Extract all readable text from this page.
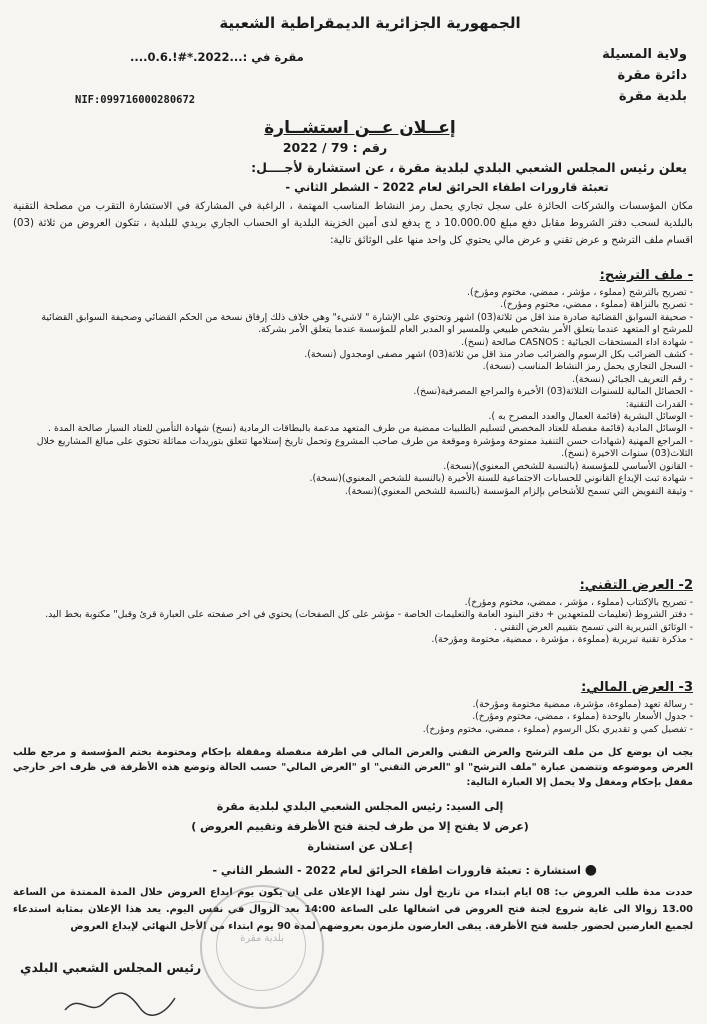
الجمهورية الجزائرية الديمقراطية الشعبية
ولاية المسيلة
دائرة مقرة
بلدية مقرة
مقرة في :...2022.*#!.0.6....
NIF:099716000280672
إعــلان عــن استشــارة
رقم : 79 / 2022
يعلن رئيس المجلس الشعبي البلدي لبلدية مقرة ، عن استشارة لأجــــل:
تعبئة قارورات اطفاء الحرائق لعام 2022 - الشطر الثاني -
مكان المؤسسات والشركات الحائزة على سجل تجاري يحمل رمز النشاط المناسب المهتمة ، الراغبة في المشاركة في الاستشارة التقرب من مصلحة التقنية بالبلدية لسحب دفتر الشروط مقابل دفع مبلغ 10.000.00 د ج يدفع لدى أمين الخزينة البلدية او الحساب الجاري بريدي للبلدية ، تتكون العروض من ثلاثة (03) اقسام ملف الترشح و عرض تقني و عرض مالي يحتوي كل واحد منها على الوثائق تالية:
- ملف الترشح:
- تصريح بالترشح (مملوء ، مؤشر ، ممضي، مختوم ومؤرخ).
- تصريح بالنزاهة (مملوء ، ممضي، مختوم ومؤرخ).
- صحيفة السوابق القضائية صادرة منذ اقل من ثلاثة(03) اشهر وتحتوي على الإشارة " لاشيء" وهي خلاف ذلك إرفاق نسخة من الحكم القضائي وصحيفة السوابق القضائية للمرشح او المتعهد عندما يتعلق الأمر بشخص طبيعي وللمسير او المدير العام للمؤسسة عندما يتعلق الأمر بشركة.
- شهادة اداء المستحقات الجبائية : CASNOS صالحة (نسخ).
- كشف الضرائب بكل الرسوم والضرائب صادر منذ اقل من ثلاثة(03) اشهر مصفى اومجدول (نسخة).
- السجل التجاري يحمل رمز النشاط المناسب (نسخة).
- رقم التعريف الجبائي (نسخة).
- الحصائل المالية للسنوات الثلاثة(03) الأخيرة والمراجع المصرفية(نسخ).
- القدرات التقنية:
- الوسائل البشرية (قائمة العمال والعدد المصرح به ).
- الوسائل المادية (قائمة مفصلة للعتاد المخصص لتسليم الطلبيات ممضية من طرف المتعهد مدعمة بالبطاقات الرمادية (نسخ) شهادة التأمين للعتاد السيار صالحة المدة .
- المراجع المهنية (شهادات حسن التنفيذ ممنوحة ومؤشرة وموقعة من طرف صاحب المشروع وتحمل تاريخ إستلامها تتعلق بتوريدات مماثلة تحتوي على مبالغ المشاريع خلال الثلاث(03) سنوات الاخيرة (نسخ).
- القانون الأساسي للمؤسسة (بالنسبة للشخص المعنوي)(نسخة).
- شهادة ثبت الإيداع القانوني للحسابات الاجتماعية للسنة الأخيرة (بالنسبة للشخص المعنوي)(نسخة).
- وثيقة التفويض التي تسمح للأشخاص بإلزام المؤسسة (بالنسبة للشخص المعنوي)(نسخة).
2- العرض التقني:
- تصريح بالإكتتاب (مملوء ، مؤشر ، ممضي، مختوم ومؤرخ).
- دفتر الشروط (تعليمات للمتعهدين + دفتر البنود العامة والتعليمات الخاصة - مؤشر على كل الصفحات) يحتوي في اخر صفحته على العبارة قرئ وقبل" مكتوبة بخط اليد.
- الوثائق التبريرية التي تسمح بتقييم العرض التقني .
- مذكرة تقنية تبريرية (مملوءة ، مؤشرة ، ممضية، مختومة ومؤرخة).
3- العرض المالي:
- رسالة تعهد (مملوءة، مؤشرة، ممضية مختومة ومؤرخة).
- جدول الأسعار بالوحدة (مملوء ، ممضي، مختوم ومؤرخ).
- تفصيل كمي و تقديري بكل الرسوم (مملوء ، ممضي، مختوم ومؤرخ).
يجب ان يوضع كل من ملف الترشح والعرض التقني والعرض المالي في اظرفة منفصلة ومقفلة بإحكام ومختومة بختم المؤسسة و مرجع طلب العرض وموضوعه وتتضمن عبارة "ملف الترشح" او "العرض التقني" او "العرض المالي" حسب الحالة وتوضع هذه الأظرفة في ظرف اخر خارجي مقفل بإحكام ومغفل ولا يحمل إلا العبارة التالية:
إلى السيد: رئيس المجلس الشعبي البلدي لبلدية مقرة
(عرض لا يفتح إلا من طرف لجنة فتح الأظرفة وتقييم العروض )
إعـلان عن استشارة
● استشارة : تعبئة قارورات اطفاء الحرائق لعام 2022 - الشطر الثاني -
حددت مدة طلب العروض ب: 08 ايام ابتداء من تاريخ أول نشر لهذا الإعلان على ان يكون يوم ايداع العروض خلال المدة الممتدة من الساعة 13.00 زوالا الى غاية شروع لجنة فتح العروض في اشغالها على الساعة 14:00 بعد الزوال في نفس اليوم. يعد هذا الإعلان بمثابة استدعاء لجميع العارضين لحضور جلسة فتح الأظرفة. يبقى العارضون ملزمون بعروضهم لمدة 90 يوم ابتداء من الأجل النهائي لإيداع العروض
بلدية مقرة
رئيس المجلس الشعبي البلدي
